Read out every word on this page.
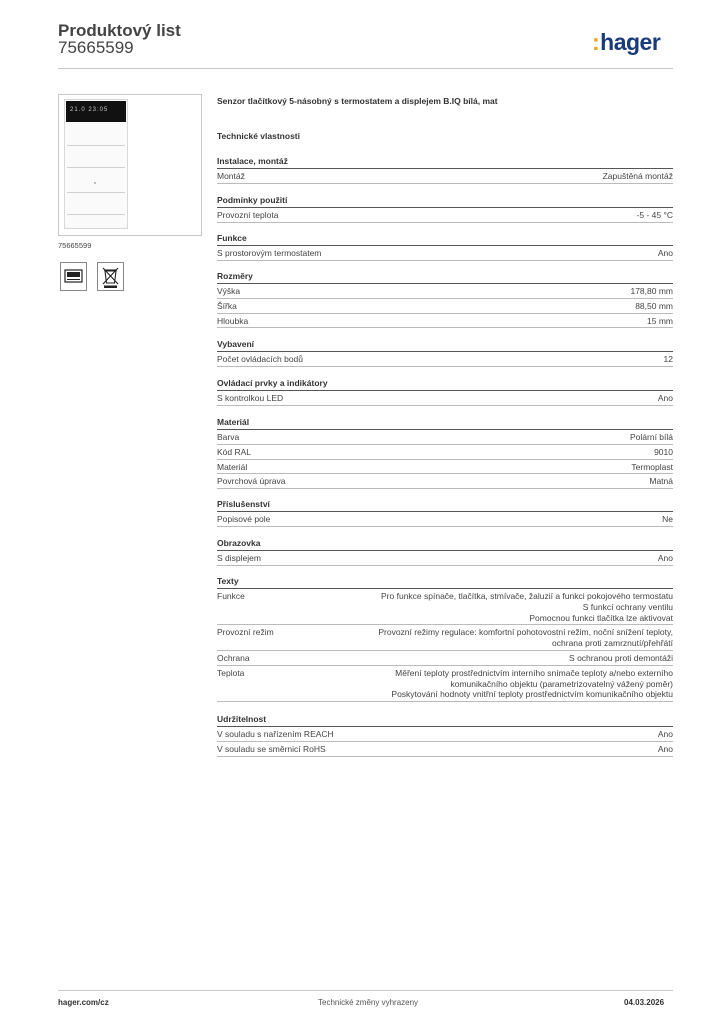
Produktový list
75665599	:hager
21.0 23:05
75665599
Senzor tlačítkový 5-násobný s termostatem a displejem B.IQ bílá, mat
Technické vlastnosti
Instalace, montáž
Montáž	Zapuštěná montáž
Podmínky použití
Provozní teplota	-5 - 45 °C
Funkce
S prostorovým termostatem	Ano
Rozměry
Výška	178,80 mm
Šířka	88,50 mm
Hloubka	15 mm
Vybavení
Počet ovládacích bodů	12
Ovládací prvky a indikátory
S kontrolkou LED	Ano
Materiál
Barva	Polární bílá
Kód RAL	9010
Materiál	Termoplast
Povrchová úprava	Matná
Příslušenství
Popisové pole	Ne
Obrazovka
S displejem	Ano
Texty
Funkce	Pro funkce spínače, tlačítka, stmívače, žaluzií a funkci pokojového termostatu
S funkcí ochrany ventilu
Pomocnou funkci tlačítka lze aktivovat
Provozní režim	Provozní režimy regulace: komfortní pohotovostní režim, noční snížení teploty,
ochrana proti zamrznutí/přehřátí
Ochrana	S ochranou proti demontáži
Teplota	Měření teploty prostřednictvím interního snímače teploty a/nebo externího
komunikačního objektu (parametrizovatelný vážený poměr)
Poskytování hodnoty vnitřní teploty prostřednictvím komunikačního objektu
Udržitelnost
V souladu s nařízením REACH	Ano
V souladu se směrnicí RoHS	Ano
hager.com/cz	Technické změny vyhrazeny	04.03.2026
